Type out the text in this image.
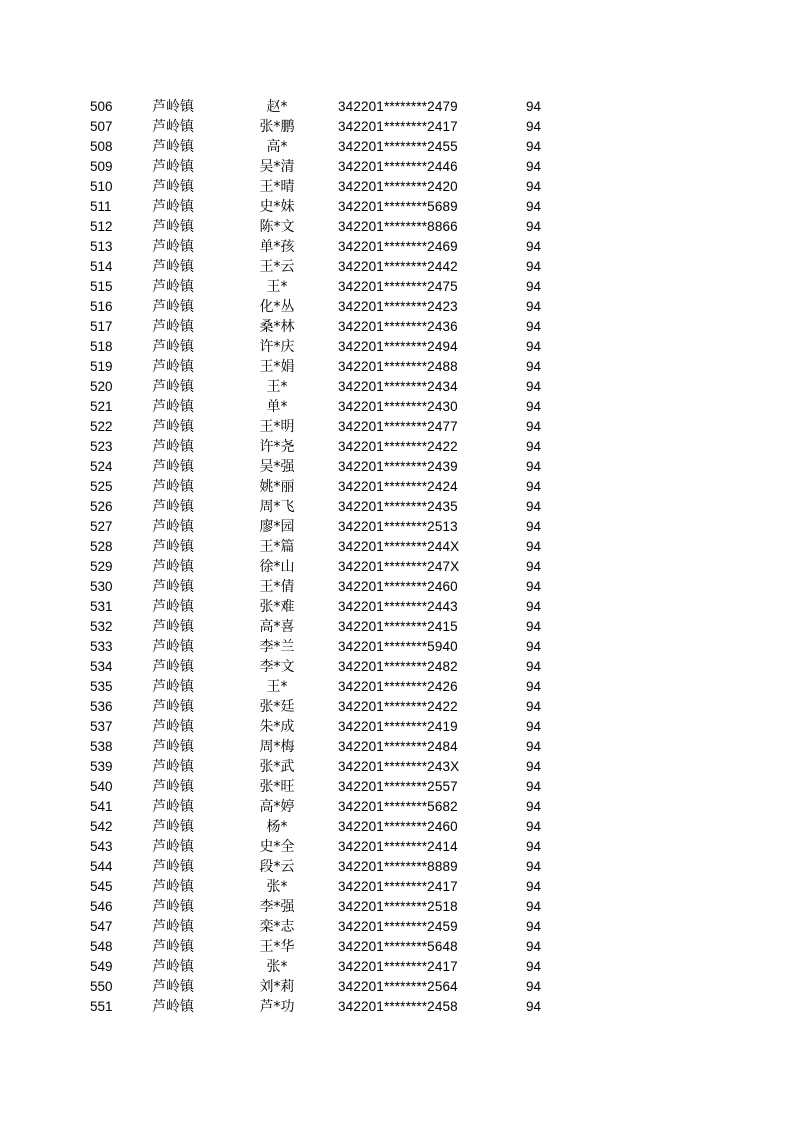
506	芦岭镇	赵*	342201********2479	94
507	芦岭镇	张*鹏	342201********2417	94
508	芦岭镇	高*	342201********2455	94
509	芦岭镇	吴*清	342201********2446	94
510	芦岭镇	王*晴	342201********2420	94
511	芦岭镇	史*妹	342201********5689	94
512	芦岭镇	陈*文	342201********8866	94
513	芦岭镇	单*孩	342201********2469	94
514	芦岭镇	王*云	342201********2442	94
515	芦岭镇	王*	342201********2475	94
516	芦岭镇	化*丛	342201********2423	94
517	芦岭镇	桑*林	342201********2436	94
518	芦岭镇	许*庆	342201********2494	94
519	芦岭镇	王*娟	342201********2488	94
520	芦岭镇	王*	342201********2434	94
521	芦岭镇	单*	342201********2430	94
522	芦岭镇	王*明	342201********2477	94
523	芦岭镇	许*尧	342201********2422	94
524	芦岭镇	吴*强	342201********2439	94
525	芦岭镇	姚*丽	342201********2424	94
526	芦岭镇	周*飞	342201********2435	94
527	芦岭镇	廖*园	342201********2513	94
528	芦岭镇	王*篇	342201********244X	94
529	芦岭镇	徐*山	342201********247X	94
530	芦岭镇	王*倩	342201********2460	94
531	芦岭镇	张*难	342201********2443	94
532	芦岭镇	高*喜	342201********2415	94
533	芦岭镇	李*兰	342201********5940	94
534	芦岭镇	李*文	342201********2482	94
535	芦岭镇	王*	342201********2426	94
536	芦岭镇	张*廷	342201********2422	94
537	芦岭镇	朱*成	342201********2419	94
538	芦岭镇	周*梅	342201********2484	94
539	芦岭镇	张*武	342201********243X	94
540	芦岭镇	张*旺	342201********2557	94
541	芦岭镇	高*婷	342201********5682	94
542	芦岭镇	杨*	342201********2460	94
543	芦岭镇	史*全	342201********2414	94
544	芦岭镇	段*云	342201********8889	94
545	芦岭镇	张*	342201********2417	94
546	芦岭镇	李*强	342201********2518	94
547	芦岭镇	栾*志	342201********2459	94
548	芦岭镇	王*华	342201********5648	94
549	芦岭镇	张*	342201********2417	94
550	芦岭镇	刘*莉	342201********2564	94
551	芦岭镇	芦*功	342201********2458	94
